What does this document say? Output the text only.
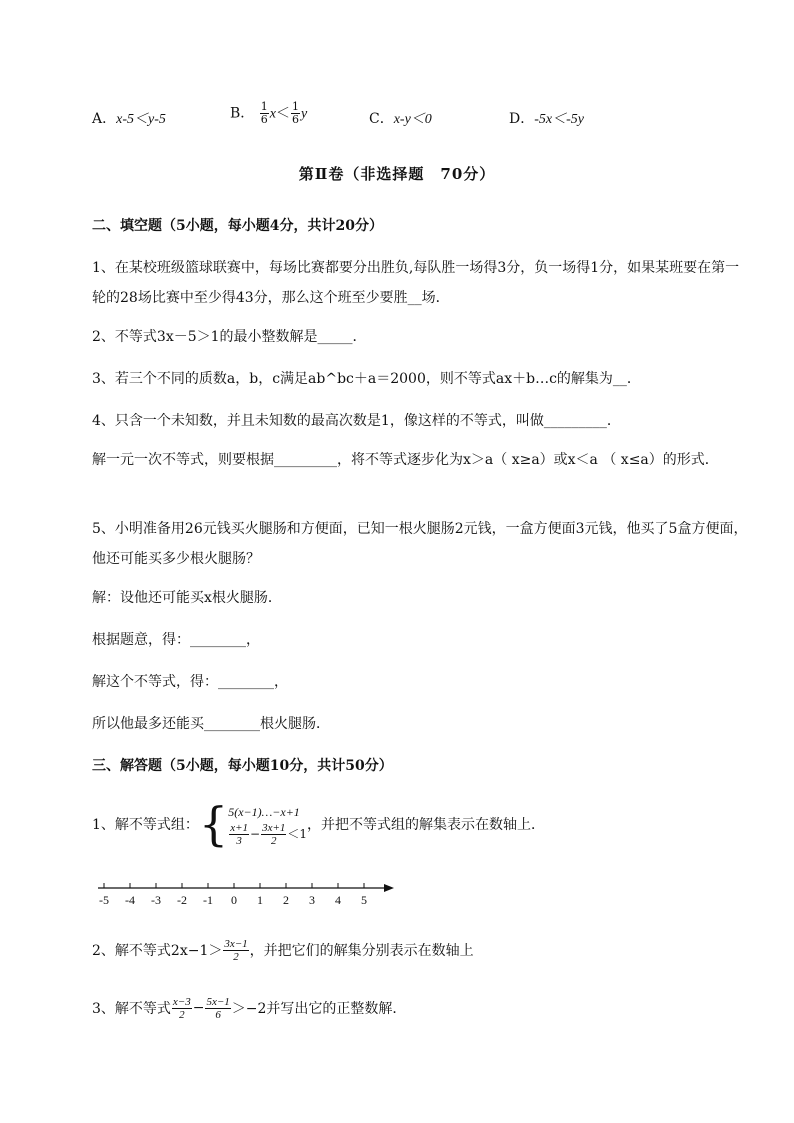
A．x-5＜y-5	B． $\frac{1}{6} x< \frac{1}{6}$ y	C．x-y＜0	D．-5x＜-5y
第Ⅱ卷（非选择题　70分）
二、填空题（5小题，每小题4分，共计20分）
1、在某校班级篮球联赛中，每场比赛都要分出胜负,每队胜一场得3分，负一场得1分，如果某班要在第一轮的28场比赛中至少得43分，那么这个班至少要胜__场．
2、不等式3x－5＞1的最小整数解是_____．
3、若三个不同的质数a，b，c满足ab^bc＋a＝2000，则不等式ax＋b…c的解集为__．
4、只含一个未知数，并且未知数的最高次数是1，像这样的不等式，叫做_________．
解一元一次不等式，则要根据_________，将不等式逐步化为x＞a（ x≥a）或x＜a （ x≤a）的形式．
5、小明准备用26元钱买火腿肠和方便面，已知一根火腿肠2元钱，一盒方便面3元钱，他买了5盒方便面，他还可能买多少根火腿肠？
解：设他还可能买x根火腿肠．
根据题意，得：________，
解这个不等式，得：________，
所以他最多还能买________根火腿肠．
三、解答题（5小题，每小题10分，共计50分）
1、解不等式组： { 5(x−1)…−x+1
$\frac{x+1}{3} - \frac{3x+1}{2} <1$
，并把不等式组的解集表示在数轴上．
-5 -4 -3 -2 -1 0 1 2 3 4 5
2、解不等式$2x-1> \frac{3x-1}{2}$ ，并把它们的解集分别表示在数轴上
3、解不等式 $\frac{x-3}{2} - \frac{5x-1}{6} >-2$并写出它的正整数解．
